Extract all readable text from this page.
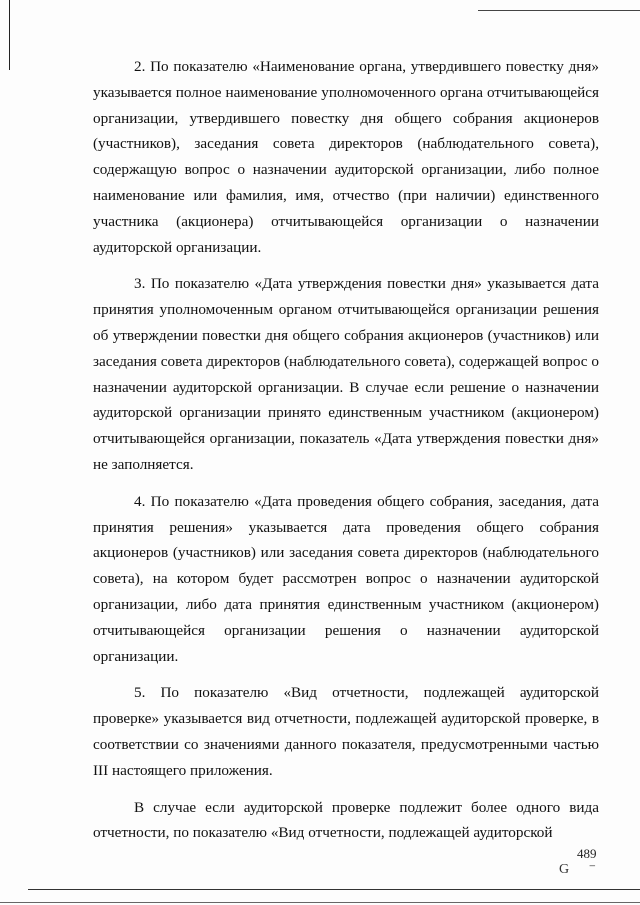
2. По показателю «Наименование органа, утвердившего повестку дня» указывается полное наименование уполномоченного органа отчитывающейся организации, утвердившего повестку дня общего собрания акционеров (участников), заседания совета директоров (наблюдательного совета), содержащую вопрос о назначении аудиторской организации, либо полное наименование или фамилия, имя, отчество (при наличии) единственного участника (акционера) отчитывающейся организации о назначении аудиторской организации.

3. По показателю «Дата утверждения повестки дня» указывается дата принятия уполномоченным органом отчитывающейся организации решения об утверждении повестки дня общего собрания акционеров (участников) или заседания совета директоров (наблюдательного совета), содержащей вопрос о назначении аудиторской организации. В случае если решение о назначении аудиторской организации принято единственным участником (акционером) отчитывающейся организации, показатель «Дата утверждения повестки дня» не заполняется.

4. По показателю «Дата проведения общего собрания, заседания, дата принятия решения» указывается дата проведения общего собрания акционеров (участников) или заседания совета директоров (наблюдательного совета), на котором будет рассмотрен вопрос о назначении аудиторской организации, либо дата принятия единственным участником (акционером) отчитывающейся организации решения о назначении аудиторской организации.

5. По показателю «Вид отчетности, подлежащей аудиторской проверке» указывается вид отчетности, подлежащей аудиторской проверке, в соответствии со значениями данного показателя, предусмотренными частью III настоящего приложения.

В случае если аудиторской проверке подлежит более одного вида отчетности, по показателю «Вид отчетности, подлежащей аудиторской

489
G ⁻
